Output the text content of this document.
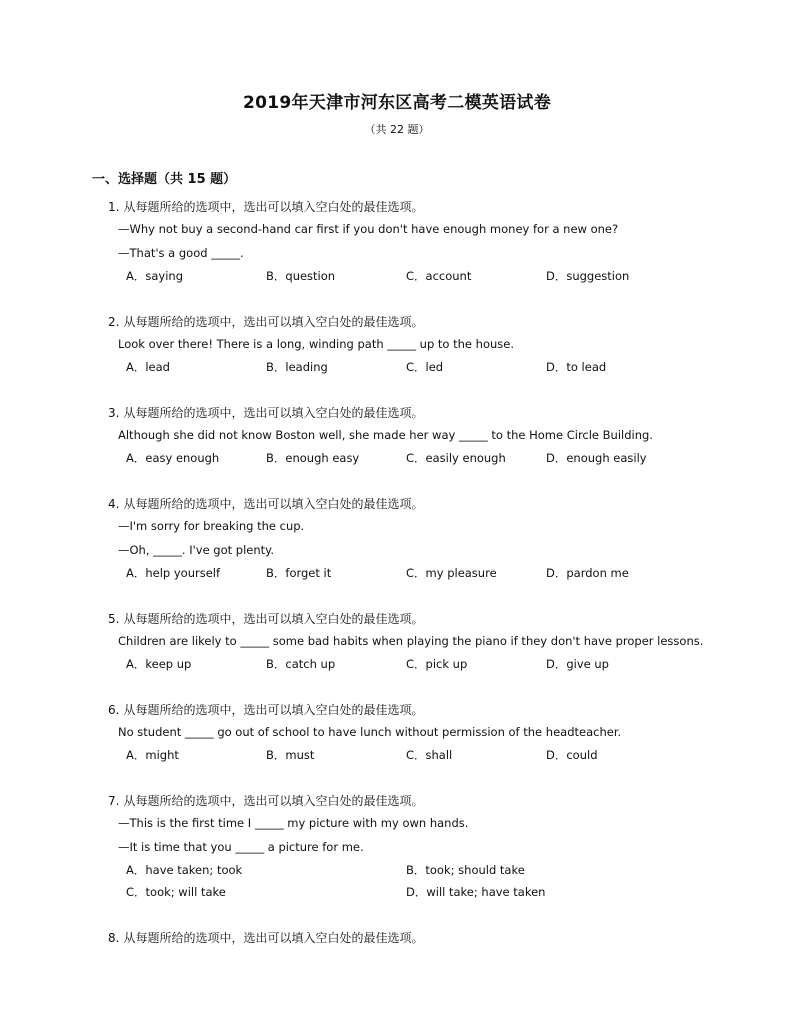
2019年天津市河东区高考二模英语试卷
（共 22 题）
一、选择题（共 15 题）
1. 从每题所给的选项中，选出可以填入空白处的最佳选项。
—Why not buy a second-hand car first if you don't have enough money for a new one?
—That's a good _____.
A．saying	B．question	C．account	D．suggestion
2. 从每题所给的选项中，选出可以填入空白处的最佳选项。
Look over there! There is a long, winding path _____ up to the house.
A．lead	B．leading	C．led	D．to lead
3. 从每题所给的选项中，选出可以填入空白处的最佳选项。
Although she did not know Boston well, she made her way _____ to the Home Circle Building.
A．easy enough	B．enough easy	C．easily enough	D．enough easily
4. 从每题所给的选项中，选出可以填入空白处的最佳选项。
—I'm sorry for breaking the cup.
—Oh, _____. I've got plenty.
A．help yourself	B．forget it	C．my pleasure	D．pardon me
5. 从每题所给的选项中，选出可以填入空白处的最佳选项。
Children are likely to _____ some bad habits when playing the piano if they don't have proper lessons.
A．keep up	B．catch up	C．pick up	D．give up
6. 从每题所给的选项中，选出可以填入空白处的最佳选项。
No student _____ go out of school to have lunch without permission of the headteacher.
A．might	B．must	C．shall	D．could
7. 从每题所给的选项中，选出可以填入空白处的最佳选项。
—This is the first time I _____ my picture with my own hands.
—It is time that you _____ a picture for me.
A．have taken; took	B．took; should take
C．took; will take	D．will take; have taken
8. 从每题所给的选项中，选出可以填入空白处的最佳选项。
